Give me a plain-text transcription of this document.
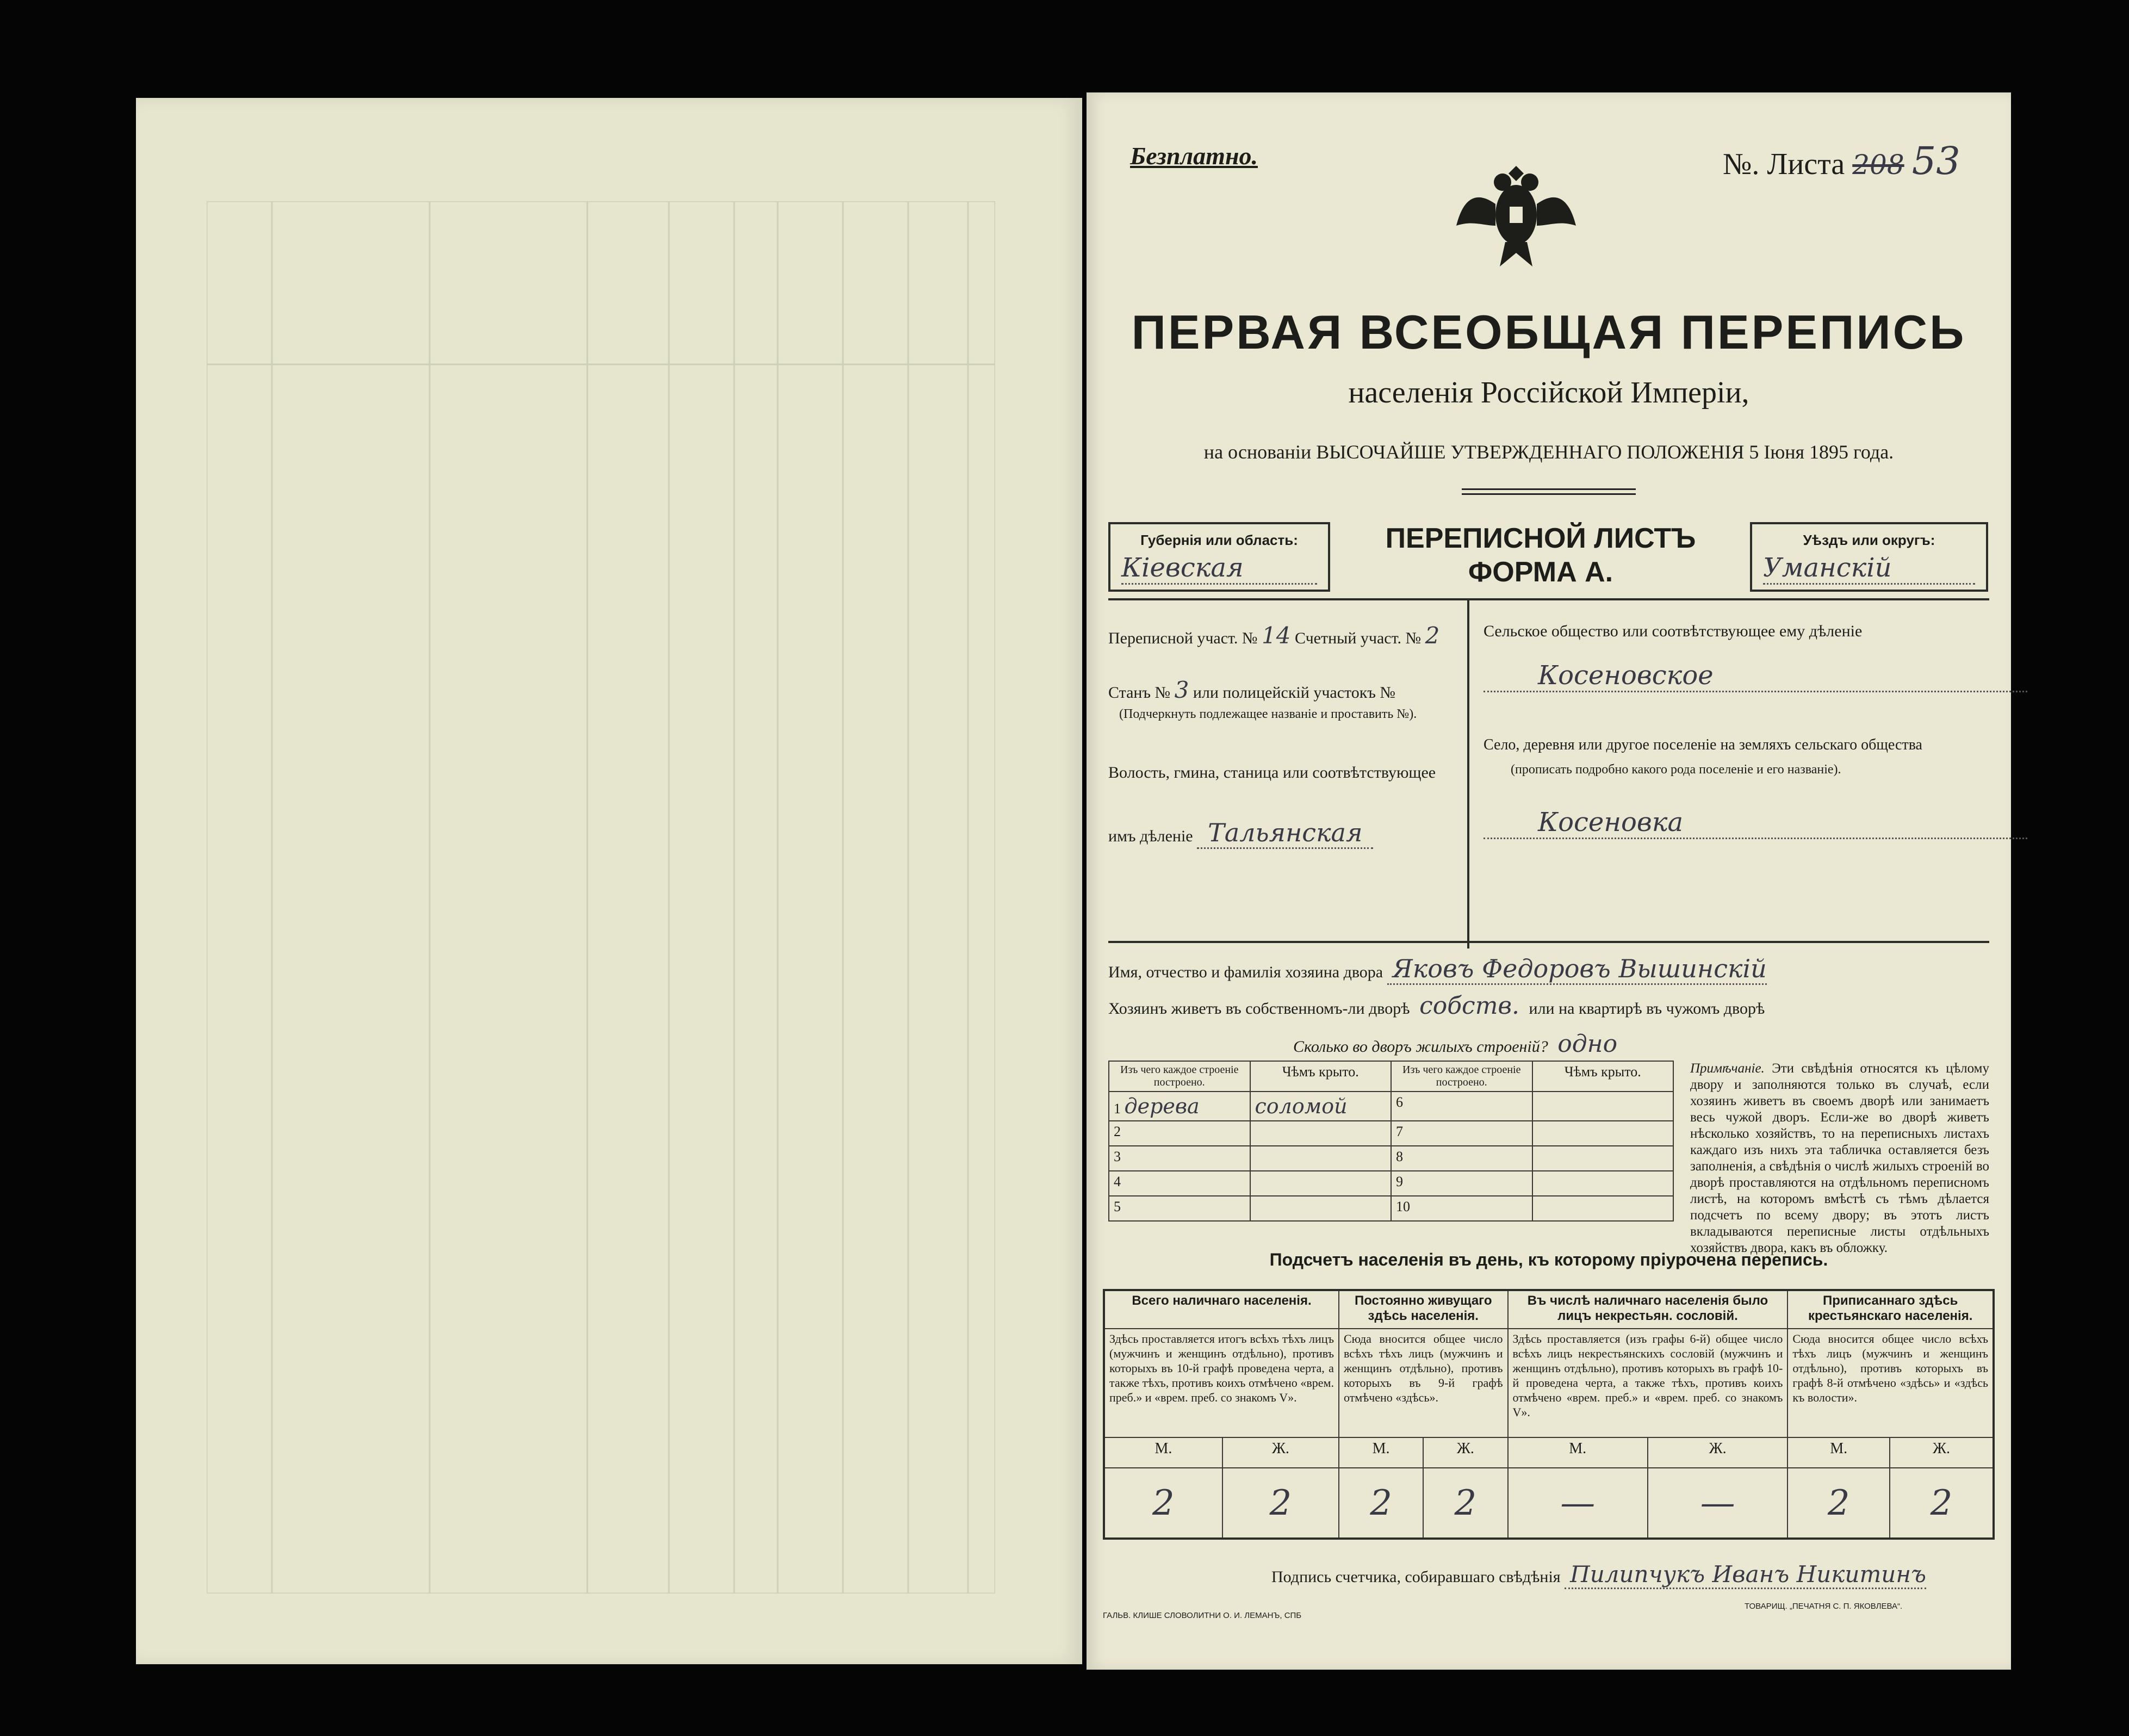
Безплатно.	№. Листа 208 53
ПЕРВАЯ ВСЕОБЩАЯ ПЕРЕПИСЬ
населенія Россійской Имперіи,
на основаніи ВЫСОЧАЙШЕ УТВЕРЖДЕННАГО ПОЛОЖЕНІЯ 5 Іюня 1895 года.
Губернія или область:
Кіевская
ПЕРЕПИСНОЙ ЛИСТЪ
ФОРМА А.
Уѣздъ или округъ:
Уманскій
Переписной участ. № 14 Счетный участ. № 2
Станъ № 3 или полицейскій участокъ №
(Подчеркнуть подлежащее названіе и проставить №).
Волость, гмина, станица или соотвѣтствующее
имъ дѣленіе Тальянская
Сельское общество или соотвѣтствующее ему дѣленіе
Косеновское
Село, деревня или другое поселеніе на земляхъ сельскаго общества
(прописать подробно какого рода поселеніе и его названіе).
Косеновка
Имя, отчество и фамилія хозяина двора Яковъ Федоровъ Вышинскій
Хозяинъ живетъ въ собственномъ-ли дворѣ собств. или на квартирѣ въ чужомъ дворѣ
Сколько во дворъ жилыхъ строеній? одно
Изъ чего каждое строеніе построено.	Чѣмъ крыто.	Изъ чего каждое строеніе построено.	Чѣмъ крыто.
1 дерева	соломой	6	
2		7	
3		8	
4		9	
5		10	
Примѣчаніе. Эти свѣдѣнія относятся къ цѣлому двору и заполняются только въ случаѣ, если хозяинъ живетъ въ своемъ дворѣ или занимаетъ весь чужой дворъ. Если-же во дворѣ живетъ нѣсколько хозяйствъ, то на переписныхъ листахъ каждаго изъ нихъ эта табличка оставляется безъ заполненія, а свѣдѣнія о числѣ жилыхъ строеній во дворѣ проставляются на отдѣльномъ переписномъ листѣ, на которомъ вмѣстѣ съ тѣмъ дѣлается подсчетъ по всему двору; въ этотъ листъ вкладываются переписные листы отдѣльныхъ хозяйствъ двора, какъ въ обложку.
Подсчетъ населенія въ день, къ которому пріурочена перепись.
Всего наличнаго населенія.		Постоянно живущаго здѣсь населенія.		Въ числѣ наличнаго населенія было лицъ некрестьян. сословій.		Приписаннаго здѣсь крестьянскаго населенія.	
Здѣсь проставляется итогъ всѣхъ тѣхъ лицъ (мужчинъ и женщинъ отдѣльно), противъ которыхъ въ 10-й графѣ проведена черта, а также тѣхъ, противъ коихъ отмѣчено «врем. преб.» и «врем. преб. со знакомъ V».		Сюда вносится общее число всѣхъ тѣхъ лицъ (мужчинъ и женщинъ отдѣльно), противъ которыхъ въ 9-й графѣ отмѣчено «здѣсь».		Здѣсь проставляется (изъ графы 6-й) общее число всѣхъ лицъ некрестьянскихъ сословій (мужчинъ и женщинъ отдѣльно), противъ которыхъ въ графѣ 10-й проведена черта, а также тѣхъ, противъ коихъ отмѣчено «врем. преб.» и «врем. преб. со знакомъ V».		Сюда вносится общее число всѣхъ тѣхъ лицъ (мужчинъ и женщинъ отдѣльно), противъ которыхъ въ графѣ 8-й отмѣчено «здѣсь» и «здѣсь къ волости».	
М.	Ж.	М.	Ж.	М.	Ж.	М.	Ж.
2	2	2	2	—	—	2	2
Подпись счетчика, собиравшаго свѣдѣнія Пилипчукъ Иванъ Никитинъ
ГАЛЬВ. КЛИШЕ СЛОВОЛИТНИ О. И. ЛЕМАНЪ, СПБ
ТОВАРИЩ. „ПЕЧАТНЯ С. П. ЯКОВЛЕВА“.
